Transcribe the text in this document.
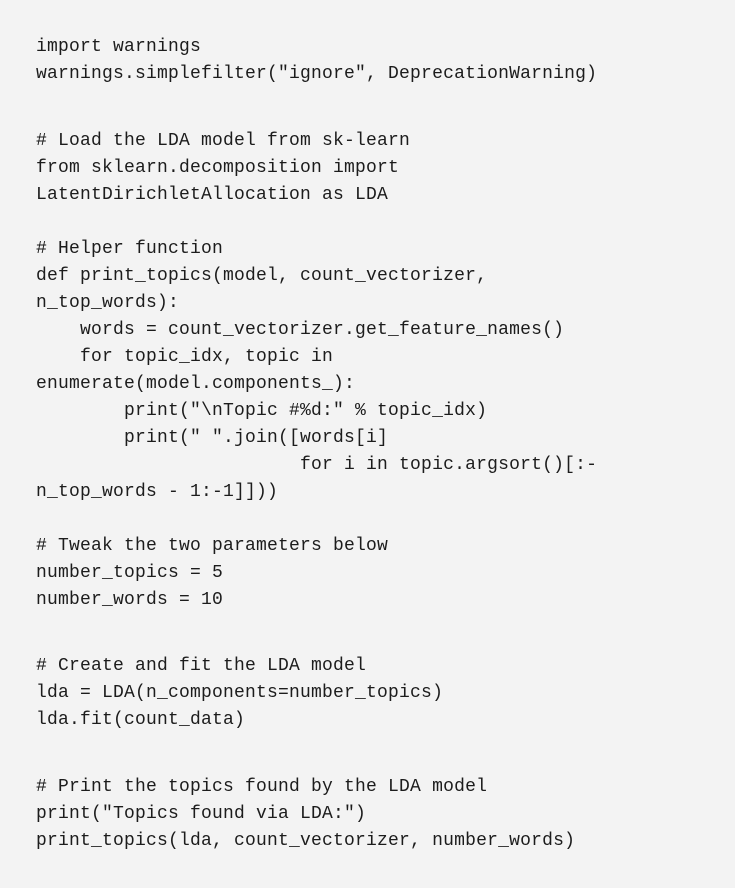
import warnings
warnings.simplefilter("ignore", DeprecationWarning)
# Load the LDA model from sk-learn
from sklearn.decomposition import
LatentDirichletAllocation as LDA
# Helper function
def print_topics(model, count_vectorizer,
n_top_words):
words = count_vectorizer.get_feature_names()
for topic_idx, topic in
enumerate(model.components_):
print("\nTopic #%d:" % topic_idx)
print(" ".join([words[i]
for i in topic.argsort()[:-
n_top_words - 1:-1]]))
# Tweak the two parameters below
number_topics = 5
number_words = 10
# Create and fit the LDA model
lda = LDA(n_components=number_topics)
lda.fit(count_data)
# Print the topics found by the LDA model
print("Topics found via LDA:")
print_topics(lda, count_vectorizer, number_words)
